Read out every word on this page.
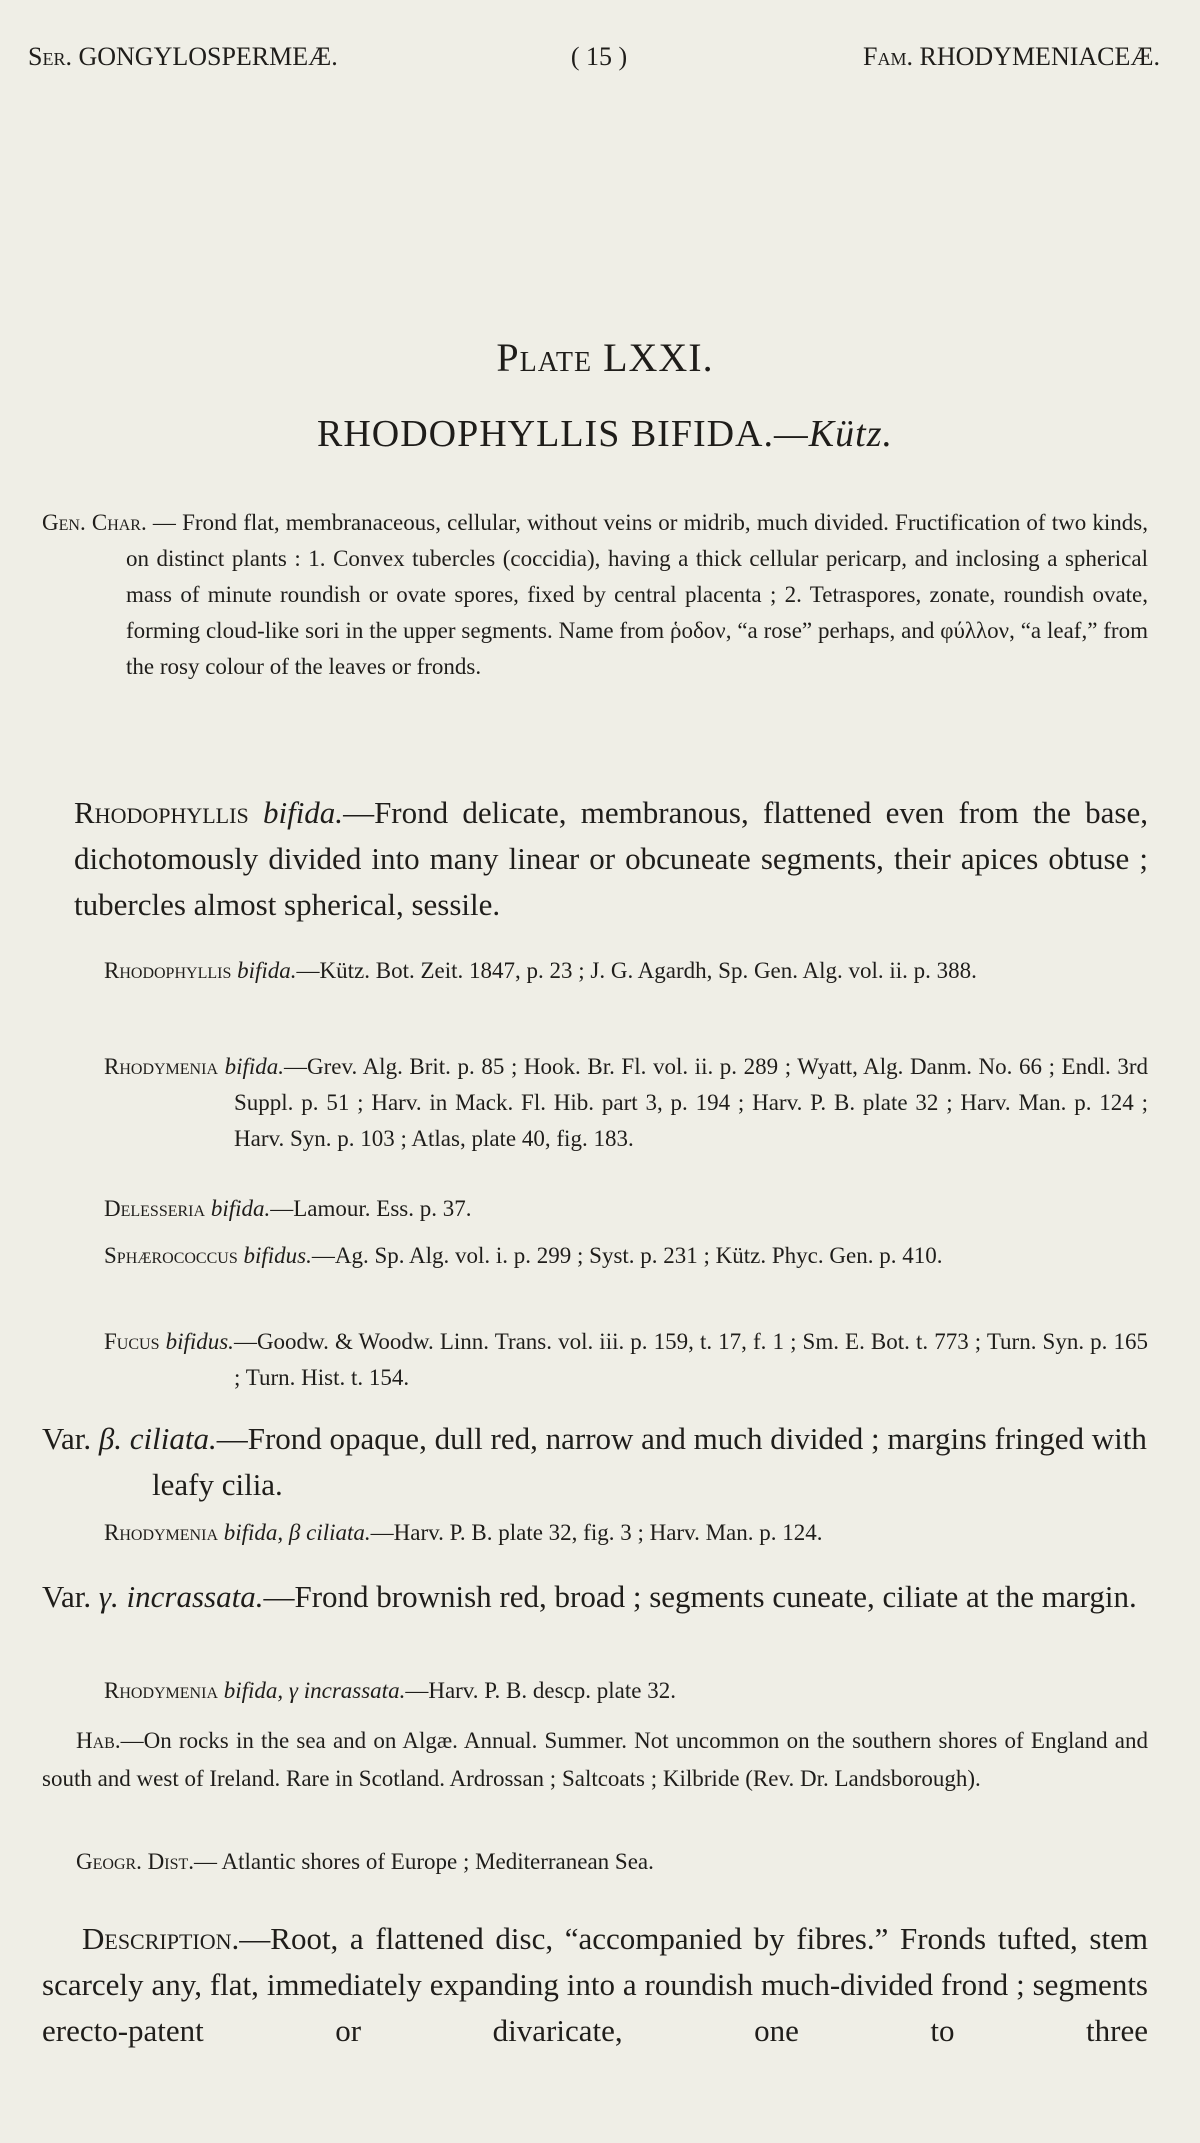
Ser. GONGYLOSPERMEÆ.	( 15 )	Fam. RHODYMENIACEÆ.
Plate LXXI.
RHODOPHYLLIS BIFIDA.—Kütz.

Gen. Char. — Frond flat, membranaceous, cellular, without veins or midrib, much divided. Fructification of two kinds, on distinct plants : 1. Convex tubercles (coccidia), having a thick cellular pericarp, and inclosing a spherical mass of minute roundish or ovate spores, fixed by central placenta ; 2. Tetraspores, zonate, roundish ovate, forming cloud-like sori in the upper segments. Name from ῥοδον, “a rose” perhaps, and φύλλον, “a leaf,” from the rosy colour of the leaves or fronds.

Rhodophyllis bifida.—Frond delicate, membranous, flattened even from the base, dichotomously divided into many linear or obcuneate segments, their apices obtuse ; tubercles almost spherical, sessile.

Rhodophyllis bifida.—Kütz. Bot. Zeit. 1847, p. 23 ; J. G. Agardh, Sp. Gen. Alg. vol. ii. p. 388.

Rhodymenia bifida.—Grev. Alg. Brit. p. 85 ; Hook. Br. Fl. vol. ii. p. 289 ; Wyatt, Alg. Danm. No. 66 ; Endl. 3rd Suppl. p. 51 ; Harv. in Mack. Fl. Hib. part 3, p. 194 ; Harv. P. B. plate 32 ; Harv. Man. p. 124 ; Harv. Syn. p. 103 ; Atlas, plate 40, fig. 183.

Delesseria bifida.—Lamour. Ess. p. 37.

Sphærococcus bifidus.—Ag. Sp. Alg. vol. i. p. 299 ; Syst. p. 231 ; Kütz. Phyc. Gen. p. 410.

Fucus bifidus.—Goodw. & Woodw. Linn. Trans. vol. iii. p. 159, t. 17, f. 1 ; Sm. E. Bot. t. 773 ; Turn. Syn. p. 165 ; Turn. Hist. t. 154.

Var. β. ciliata.—Frond opaque, dull red, narrow and much divided ; margins fringed with leafy cilia.

Rhodymenia bifida, β ciliata.—Harv. P. B. plate 32, fig. 3 ; Harv. Man. p. 124.

Var. γ. incrassata.—Frond brownish red, broad ; segments cuneate, ciliate at the margin.

Rhodymenia bifida, γ incrassata.—Harv. P. B. descp. plate 32.

Hab.—On rocks in the sea and on Algæ. Annual. Summer. Not uncommon on the southern shores of England and south and west of Ireland. Rare in Scotland. Ardrossan ; Saltcoats ; Kilbride (Rev. Dr. Landsborough).

Geogr. Dist.— Atlantic shores of Europe ; Mediterranean Sea.

Description.—Root, a flattened disc, “accompanied by fibres.” Fronds tufted, stem scarcely any, flat, immediately expanding into a roundish much-divided frond ; segments erecto-patent or divaricate, one to three
